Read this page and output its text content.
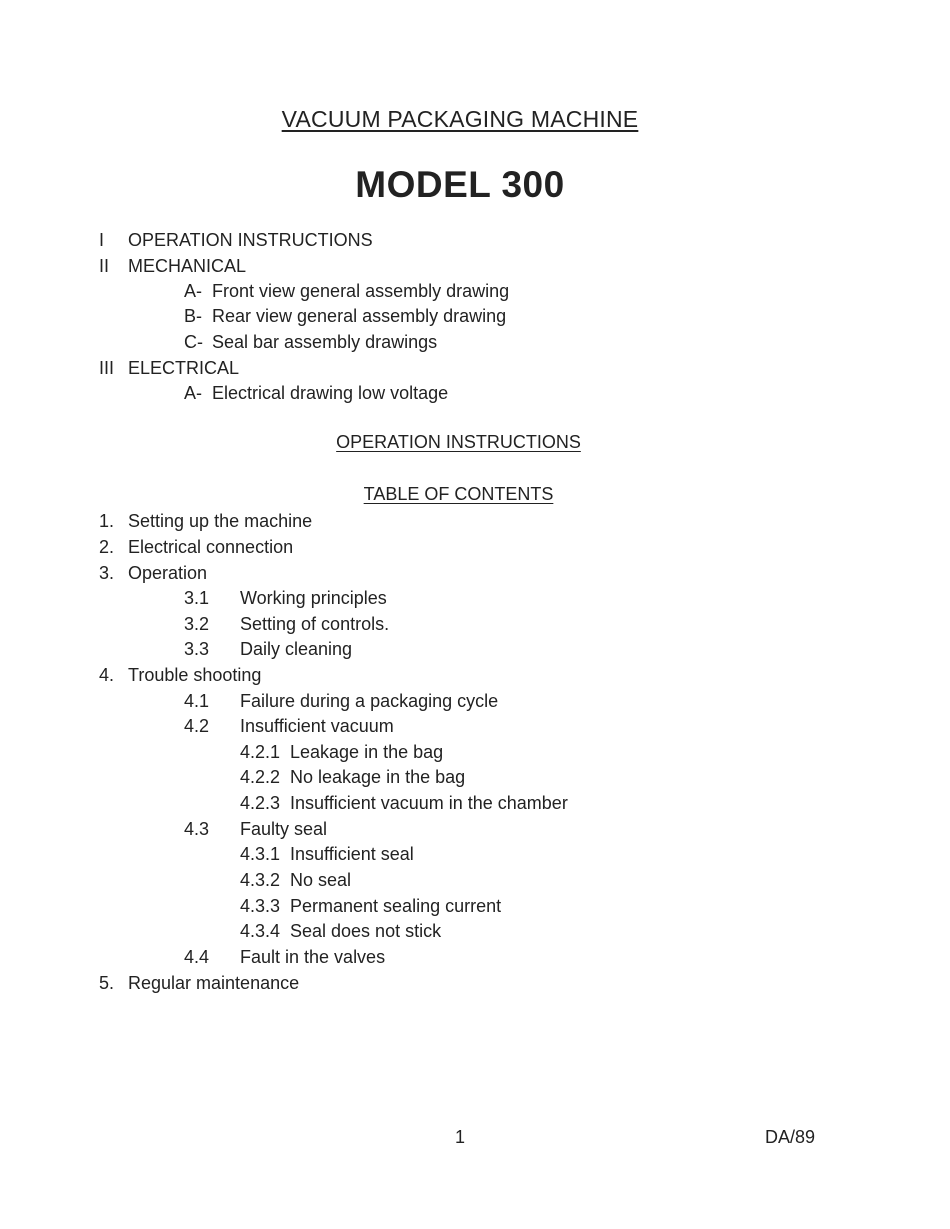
VACUUM PACKAGING MACHINE
MODEL 300
I OPERATION INSTRUCTIONS
II MECHANICAL
A- Front view general assembly drawing
B- Rear view general assembly drawing
C- Seal bar assembly drawings
III ELECTRICAL
A- Electrical drawing low voltage
OPERATION INSTRUCTIONS
TABLE OF CONTENTS
1. Setting up the machine
2. Electrical connection
3. Operation
3.1 Working principles
3.2 Setting of controls.
3.3 Daily cleaning
4. Trouble shooting
4.1 Failure during a packaging cycle
4.2 Insufficient vacuum
4.2.1 Leakage in the bag
4.2.2 No leakage in the bag
4.2.3 Insufficient vacuum in the chamber
4.3 Faulty seal
4.3.1 Insufficient seal
4.3.2 No seal
4.3.3 Permanent sealing current
4.3.4 Seal does not stick
4.4 Fault in the valves
5. Regular maintenance
1	DA/89
